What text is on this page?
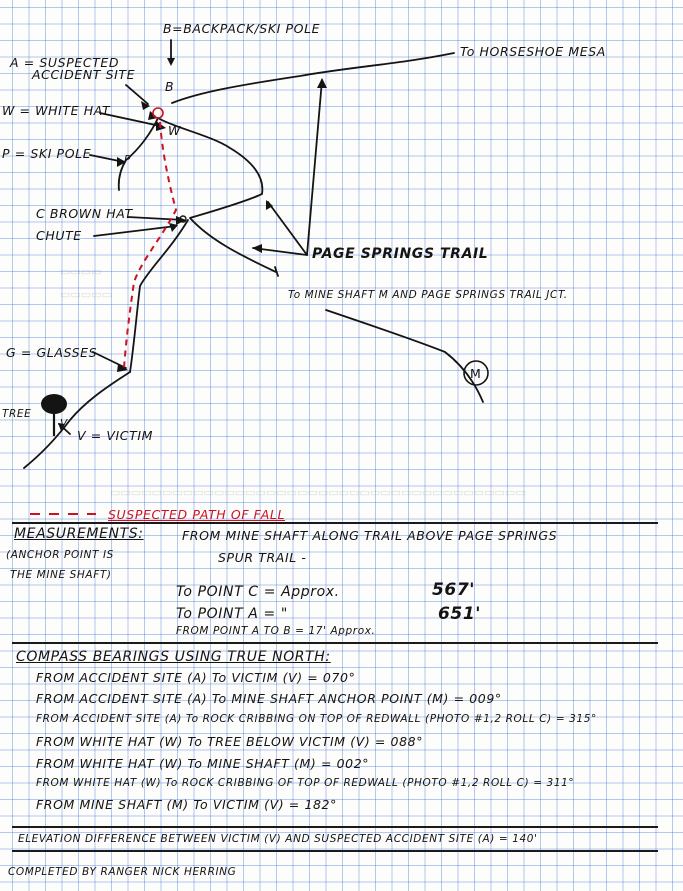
▭▭▭▭
▭▭▭▭▭
▭▭▭▭▭▭▭▭▭▭▭▭▭▭▭▭▭▭▭▭▭▭▭▭▭▭▭▭▭▭▭▭▭▭▭▭▭▭▭▭
B=BACKPACK/SKI POLE
A = SUSPECTED
ACCIDENT SITE
B
W
P
M
V
To HORSESHOE MESA
W = WHITE HAT
P = SKI POLE
C BROWN HAT
CHUTE
PAGE SPRINGS TRAIL
To MINE SHAFT M AND PAGE SPRINGS TRAIL JCT.
G = GLASSES
TREE
V = VICTIM
SUSPECTED PATH OF FALL
MEASUREMENTS:	FROM MINE SHAFT ALONG TRAIL ABOVE PAGE SPRINGS
SPUR TRAIL -
(ANCHOR POINT IS
THE MINE SHAFT)
To POINT C = Approx.	567'
To POINT A = "	651'
FROM POINT A TO B = 17' Approx.
COMPASS BEARINGS USING TRUE NORTH:
FROM ACCIDENT SITE (A) To VICTIM (V) = 070°
FROM ACCIDENT SITE (A) To MINE SHAFT ANCHOR POINT (M) = 009°
FROM ACCIDENT SITE (A) To ROCK CRIBBING ON TOP OF REDWALL (PHOTO #1,2 ROLL C) = 315°
FROM WHITE HAT (W) To TREE BELOW VICTIM (V) = 088°
FROM WHITE HAT (W) To MINE SHAFT (M) = 002°
FROM WHITE HAT (W) To ROCK CRIBBING OF TOP OF REDWALL (PHOTO #1,2 ROLL C) = 311°
FROM MINE SHAFT (M) To VICTIM (V) = 182°
ELEVATION DIFFERENCE BETWEEN VICTIM (V) AND SUSPECTED ACCIDENT SITE (A) = 140'
COMPLETED BY RANGER NICK HERRING
